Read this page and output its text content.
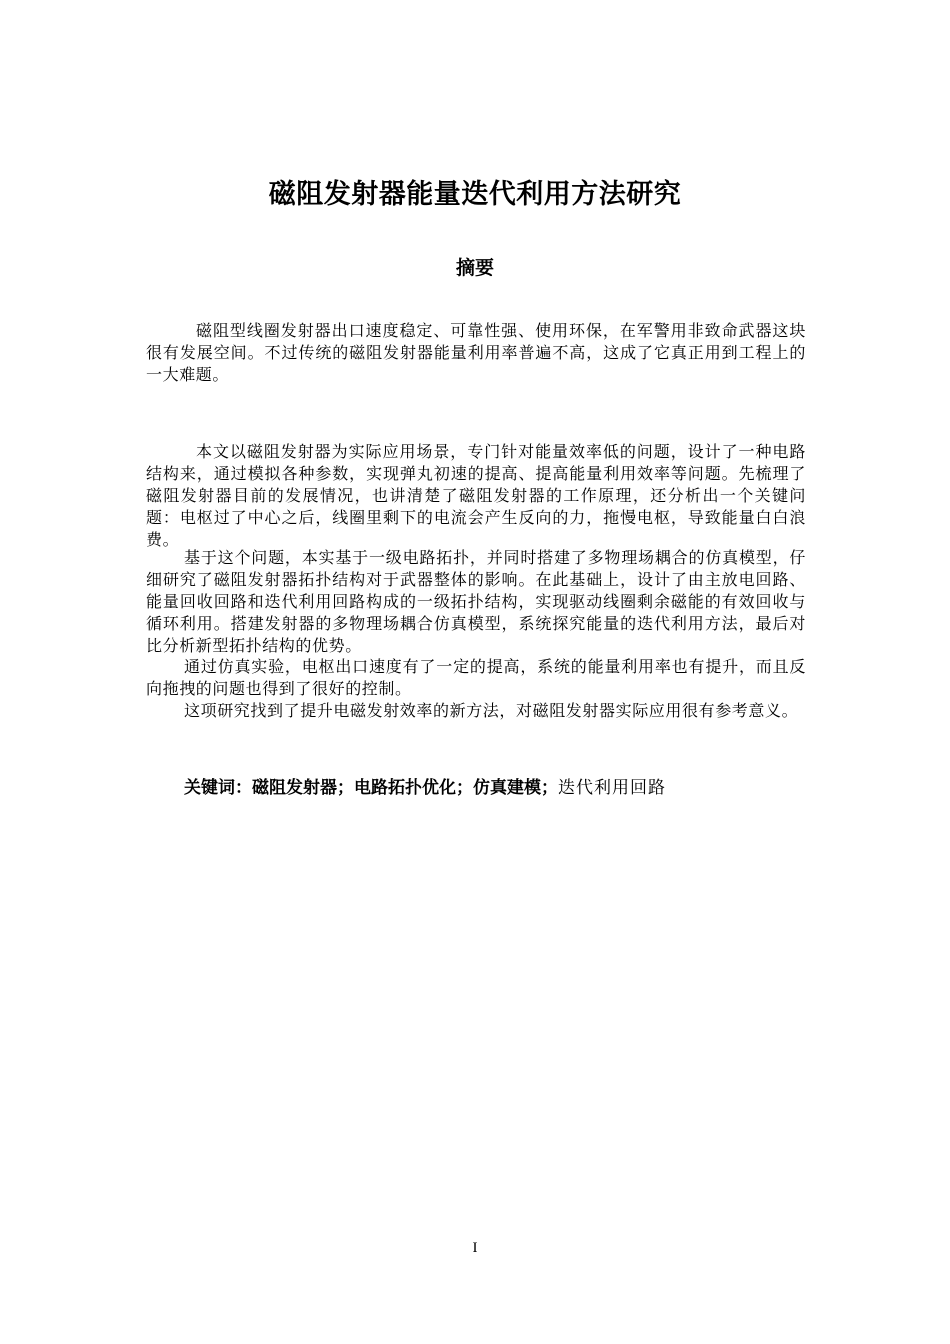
磁阻发射器能量迭代利用方法研究
摘要

磁阻型线圈发射器出口速度稳定、可靠性强、使用环保，在军警用非致命武器这块很有发展空间。不过传统的磁阻发射器能量利用率普遍不高，这成了它真正用到工程上的一大难题。

本文以磁阻发射器为实际应用场景，专门针对能量效率低的问题，设计了一种电路结构来，通过模拟各种参数，实现弹丸初速的提高、提高能量利用效率等问题。先梳理了磁阻发射器目前的发展情况，也讲清楚了磁阻发射器的工作原理，还分析出一个关键问题：电枢过了中心之后，线圈里剩下的电流会产生反向的力，拖慢电枢，导致能量白白浪费。

基于这个问题，本实基于一级电路拓扑，并同时搭建了多物理场耦合的仿真模型，仔细研究了磁阻发射器拓扑结构对于武器整体的影响。在此基础上，设计了由主放电回路、能量回收回路和迭代利用回路构成的一级拓扑结构，实现驱动线圈剩余磁能的有效回收与循环利用。搭建发射器的多物理场耦合仿真模型，系统探究能量的迭代利用方法，最后对比分析新型拓扑结构的优势。

通过仿真实验，电枢出口速度有了一定的提高，系统的能量利用率也有提升，而且反向拖拽的问题也得到了很好的控制。

这项研究找到了提升电磁发射效率的新方法，对磁阻发射器实际应用很有参考意义。

关键词：磁阻发射器；电路拓扑优化；仿真建模；迭代利用回路
I
